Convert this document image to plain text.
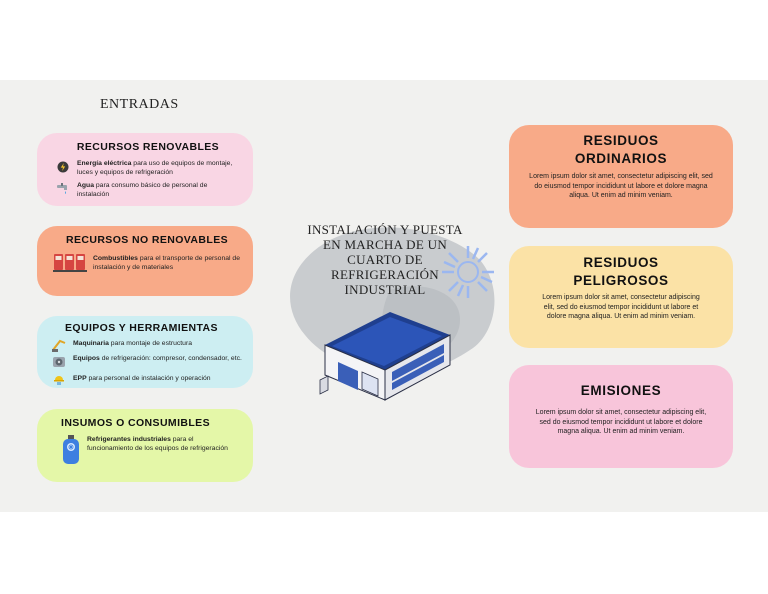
ENTRADAS
RECURSOS RENOVABLES
Energía eléctrica para uso de equipos de montaje, luces y equipos de refrigeración
Agua para consumo básico de personal de instalación
RECURSOS NO RENOVABLES
Combustibles para el transporte de personal de instalación y de materiales
EQUIPOS Y HERRAMIENTAS
Maquinaria para montaje de estructura
Equipos de refrigeración: compresor, condensador, etc.
EPP para personal de instalación y operación
INSUMOS O CONSUMIBLES
Refrigerantes industriales para el funcionamiento de los equipos de refrigeración
INSTALACIÓN Y PUESTA EN MARCHA DE UN CUARTO DE REFRIGERACIÓN INDUSTRIAL
RESIDUOS
ORDINARIOS

Lorem ipsum dolor sit amet, consectetur adipiscing elit, sed do eiusmod tempor incididunt ut labore et dolore magna aliqua. Ut enim ad minim veniam.

RESIDUOS
PELIGROSOS

Lorem ipsum dolor sit amet, consectetur adipiscing elit, sed do eiusmod tempor incididunt ut labore et dolore magna aliqua. Ut enim ad minim veniam.

EMISIONES

Lorem ipsum dolor sit amet, consectetur adipiscing elit, sed do eiusmod tempor incididunt ut labore et dolore magna aliqua. Ut enim ad minim veniam.
